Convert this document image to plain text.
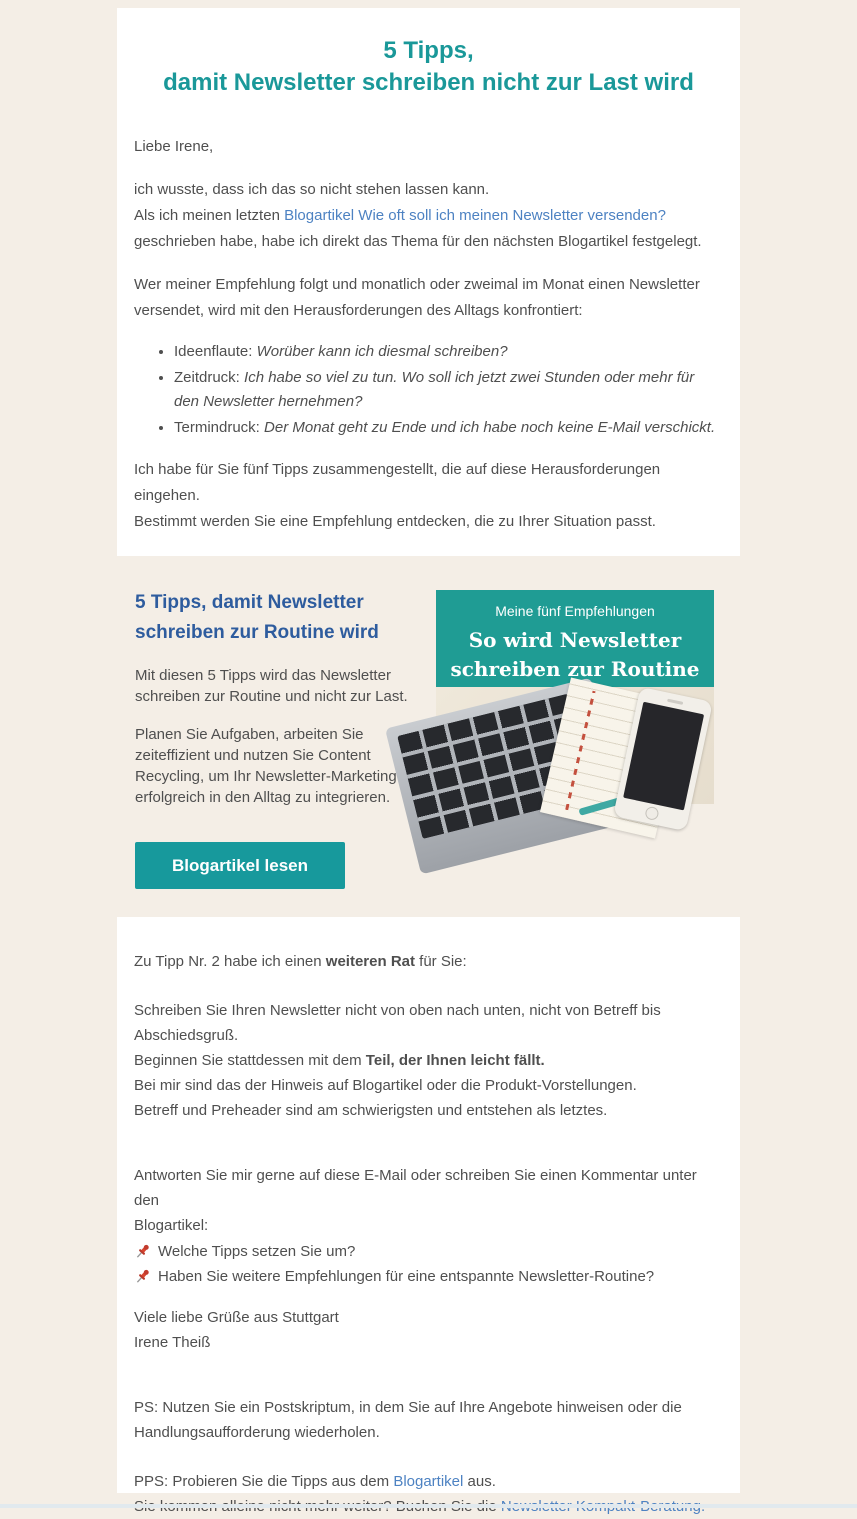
5 Tipps,
damit Newsletter schreiben nicht zur Last wird

Liebe Irene,

ich wusste, dass ich das so nicht stehen lassen kann.
Als ich meinen letzten Blogartikel Wie oft soll ich meinen Newsletter versenden?
geschrieben habe, habe ich direkt das Thema für den nächsten Blogartikel festgelegt.

Wer meiner Empfehlung folgt und monatlich oder zweimal im Monat einen Newsletter
versendet, wird mit den Herausforderungen des Alltags konfrontiert:

• Ideenflaute: Worüber kann ich diesmal schreiben?
• Zeitdruck: Ich habe so viel zu tun. Wo soll ich jetzt zwei Stunden oder mehr für den Newsletter hernehmen?
• Termindruck: Der Monat geht zu Ende und ich habe noch keine E-Mail verschickt.

Ich habe für Sie fünf Tipps zusammengestellt, die auf diese Herausforderungen
eingehen.
Bestimmt werden Sie eine Empfehlung entdecken, die zu Ihrer Situation passt.

5 Tipps, damit Newsletter schreiben zur Routine wird

Mit diesen 5 Tipps wird das Newsletter schreiben zur Routine und nicht zur Last.

Planen Sie Aufgaben, arbeiten Sie zeiteffizient und nutzen Sie Content Recycling, um Ihr Newsletter-Marketing erfolgreich in den Alltag zu integrieren.

Meine fünf Empfehlungen
So wird Newsletter
schreiben zur Routine
Blogartikel lesen

Zu Tipp Nr. 2 habe ich einen weiteren Rat für Sie:

Schreiben Sie Ihren Newsletter nicht von oben nach unten, nicht von Betreff bis
Abschiedsgruß.
Beginnen Sie stattdessen mit dem Teil, der Ihnen leicht fällt.
Bei mir sind das der Hinweis auf Blogartikel oder die Produkt-Vorstellungen.
Betreff und Preheader sind am schwierigsten und entstehen als letztes.

Antworten Sie mir gerne auf diese E-Mail oder schreiben Sie einen Kommentar unter den
Blogartikel:

Welche Tipps setzen Sie um?
Haben Sie weitere Empfehlungen für eine entspannte Newsletter-Routine?

Viele liebe Grüße aus Stuttgart
Irene Theiß

PS: Nutzen Sie ein Postskriptum, in dem Sie auf Ihre Angebote hinweisen oder die
Handlungsaufforderung wiederholen.

PPS: Probieren Sie die Tipps aus dem Blogartikel aus.
